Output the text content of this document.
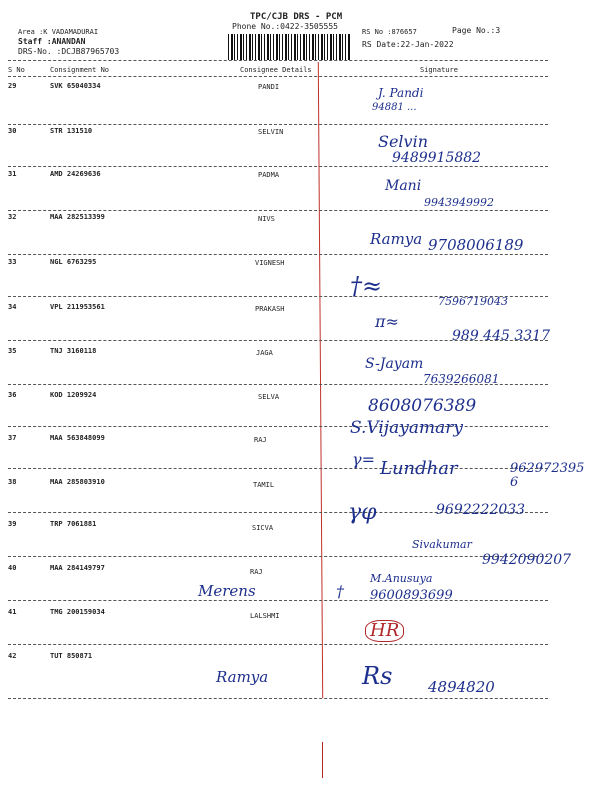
TPC/CJB DRS - PCM
Phone No.:0422-3505555
Area :K VADAMADURAI
Staff :ANANDAN
DRS-No. :DCJB87965703
RS No :876657	Page No.:3
RS Date:22-Jan-2022
S No	Consignment No	Consignee Details	Signature
29	SVK 65040334	PANDI	J. Pandi
94881 ...
30	STR 131510	SELVIN	Selvin
9489915882
31	AMD 24269636	PADMA
Mani
9943949992
32	MAA 282513399	NIVS
Ramya 9708006189
33	NGL 6763295	VIGNESH
†≈
7596719043
34	VPL 211953561	PRAKASH
π≈
989 445 3317
35	TNJ 3160118	JAGA
S-Jayam
7639266081
36	KOD 1209924	SELVA	8608076389
37	MAA 563848099	RAJ
S.Vijayamary
γ=
38	MAA 285803910	TAMIL
Lundhar	9629723956
39	TRP 7061881	SICVA
γφ	9692222033
40	MAA 284149797	RAJ
Sivakumar
9942090207
Merens	†
41	TMG 200159034	LALSHMI
M.Anusuya
9600893699
HR
42	TUT 850871
Ramya	Rs 4894820
